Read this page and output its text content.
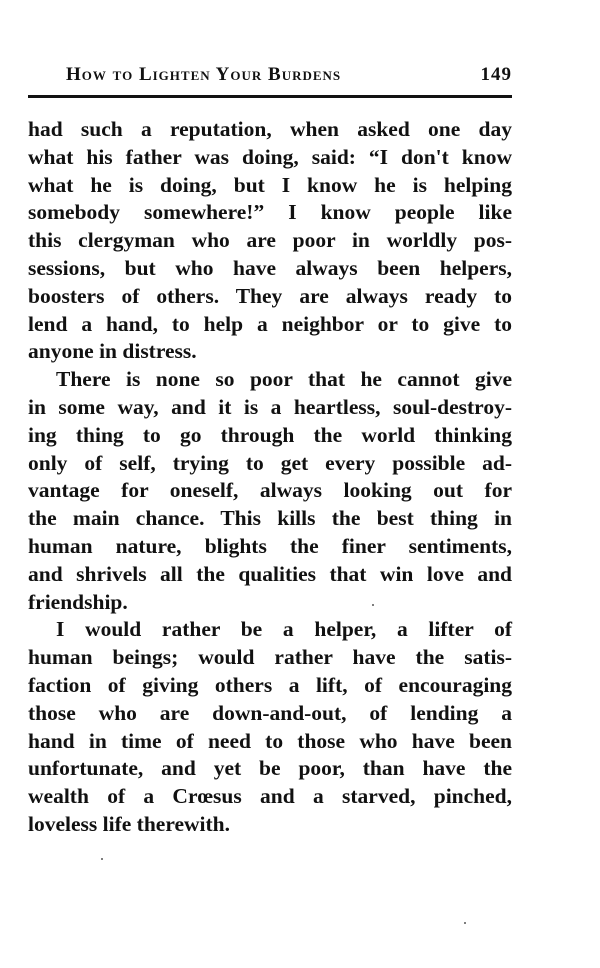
How to Lighten Your Burdens	149
had such a reputation, when asked one day
what his father was doing, said: “I don't know
what he is doing, but I know he is helping
somebody somewhere!” I know people like
this clergyman who are poor in worldly pos-
sessions, but who have always been helpers,
boosters of others. They are always ready to
lend a hand, to help a neighbor or to give to
anyone in distress.
There is none so poor that he cannot give
in some way, and it is a heartless, soul-destroy-
ing thing to go through the world thinking
only of self, trying to get every possible ad-
vantage for oneself, always looking out for
the main chance. This kills the best thing in
human nature, blights the finer sentiments,
and shrivels all the qualities that win love and
friendship.
I would rather be a helper, a lifter of
human beings; would rather have the satis-
faction of giving others a lift, of encouraging
those who are down-and-out, of lending a
hand in time of need to those who have been
unfortunate, and yet be poor, than have the
wealth of a Crœsus and a starved, pinched,
loveless life therewith.
